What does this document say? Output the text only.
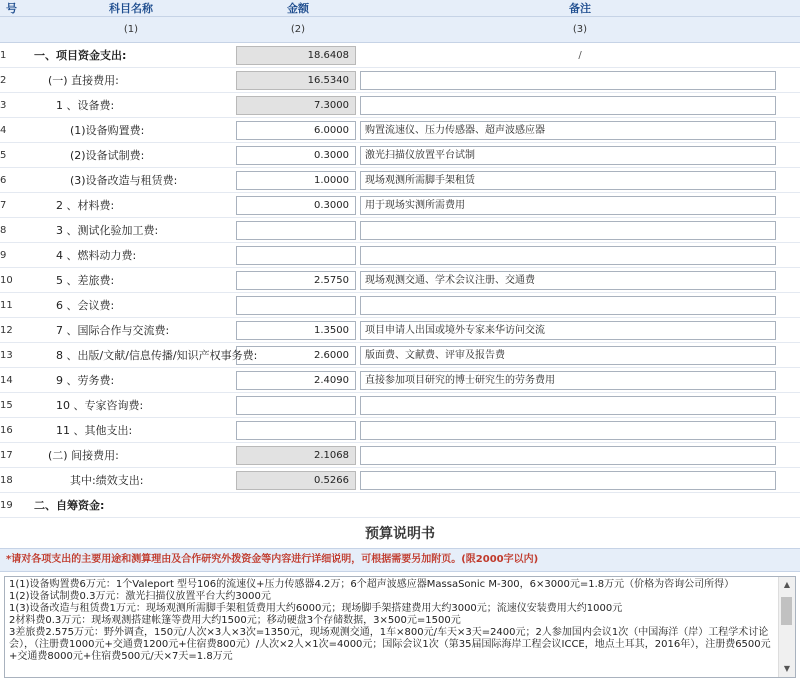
号	科目名称	金额	备注
	(1)	(2)	(3)
1	一、项目资金支出:	18.6408	/

2	(一) 直接费用:	16.5340	

3	1 、设备费:	7.3000	

4	(1)设备购置费:	6.0000	购置流速仪、压力传感器、超声波感应器

5	(2)设备试制费:	0.3000	激光扫描仪放置平台试制

6	(3)设备改造与租赁费:	1.0000	现场观测所需脚手架租赁

7	2 、材料费:	0.3000	用于现场实测所需费用

8	3 、测试化验加工费:	

9	4 、燃料动力费:	

10	5 、差旅费:	2.5750	现场观测交通、学术会议注册、交通费

11	6 、会议费:	

12	7 、国际合作与交流费:	1.3500	项目申请人出国或境外专家来华访问交流

13	8 、出版/文献/信息传播/知识产权事务费:	2.6000	版面费、文献费、评审及报告费

14	9 、劳务费:	2.4090	直接参加项目研究的博士研究生的劳务费用

15	10 、专家咨询费:	

16	11 、其他支出:	

17	(二) 间接费用:	2.1068	

18	其中:绩效支出:	0.5266	

19	二、自筹资金:		
预算说明书
*请对各项支出的主要用途和测算理由及合作研究外拨资金等内容进行详细说明，可根据需要另加附页。(限2000字以内)

1(1)设备购置费6万元：1个Valeport 型号106的流速仪+压力传感器4.2万；6个超声波感应器MassaSonic M-300，6×3000元=1.8万元（价格为咨询公司所得）

1(2)设备试制费0.3万元：激光扫描仪放置平台大约3000元

1(3)设备改造与租赁费1万元：现场观测所需脚手架租赁费用大约6000元；现场脚手架搭建费用大约3000元；流速仪安装费用大约1000元

2材料费0.3万元：现场观测搭建帐篷等费用大约1500元；移动硬盘3个存储数据，3×500元=1500元

3差旅费2.575万元：野外调查，150元/人次×3人×3次=1350元，现场观测交通，1车×800元/车天×3天=2400元；2人参加国内会议1次（中国海洋（岸）工程学术讨论会），（注册费1000元+交通费1200元+住宿费800元）/人次×2人×1次=4000元；国际会议1次（第35届国际海岸工程会议ICCE，地点土耳其，2016年），注册费6500元+交通费8000元+住宿费500元/天×7天=1.8万元

▲
▼
